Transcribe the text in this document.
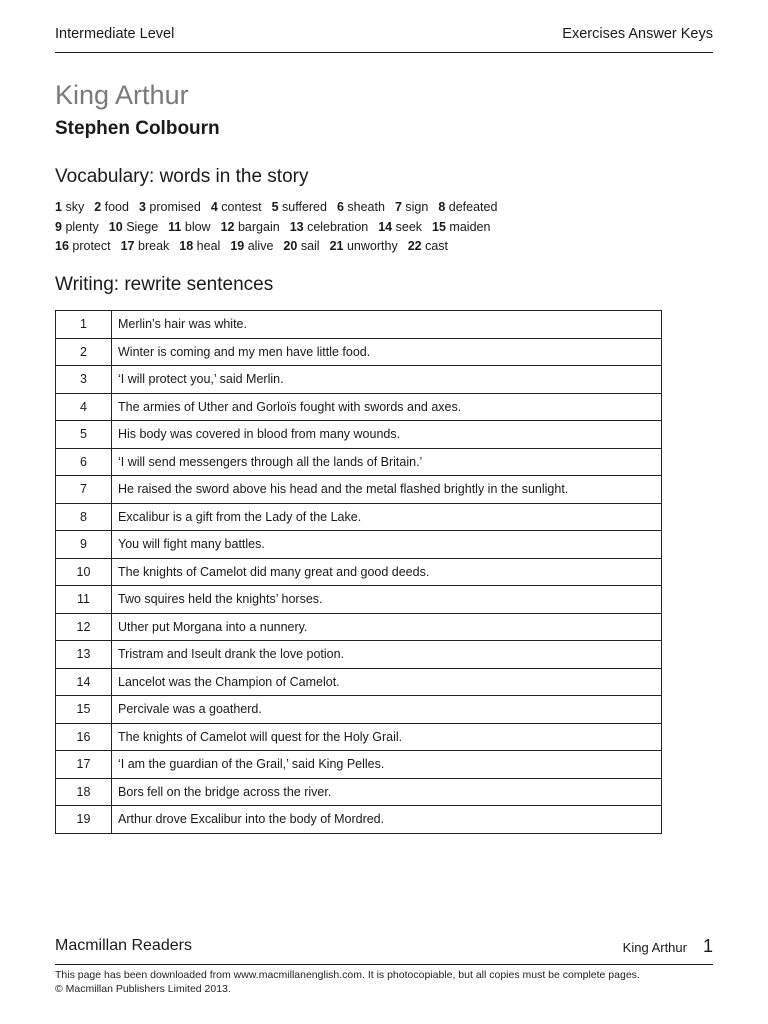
Intermediate Level	Exercises Answer Keys
King Arthur
Stephen Colbourn
Vocabulary: words in the story
1 sky 2 food 3 promised 4 contest 5 suffered 6 sheath 7 sign 8 defeated
9 plenty 10 Siege 11 blow 12 bargain 13 celebration 14 seek 15 maiden
16 protect 17 break 18 heal 19 alive 20 sail 21 unworthy 22 cast
Writing: rewrite sentences
1	Merlin’s hair was white.
2	Winter is coming and my men have little food.
3	‘I will protect you,’ said Merlin.
4	The armies of Uther and Gorloïs fought with swords and axes.
5	His body was covered in blood from many wounds.
6	‘I will send messengers through all the lands of Britain.’
7	He raised the sword above his head and the metal flashed brightly in the sunlight.
8	Excalibur is a gift from the Lady of the Lake.
9	You will fight many battles.
10	The knights of Camelot did many great and good deeds.
11	Two squires held the knights’ horses.
12	Uther put Morgana into a nunnery.
13	Tristram and Iseult drank the love potion.
14	Lancelot was the Champion of Camelot.
15	Percivale was a goatherd.
16	The knights of Camelot will quest for the Holy Grail.
17	‘I am the guardian of the Grail,’ said King Pelles.
18	Bors fell on the bridge across the river.
19	Arthur drove Excalibur into the body of Mordred.
Macmillan Readers	King Arthur 1
This page has been downloaded from www.macmillanenglish.com. It is photocopiable, but all copies must be complete pages.
© Macmillan Publishers Limited 2013.
